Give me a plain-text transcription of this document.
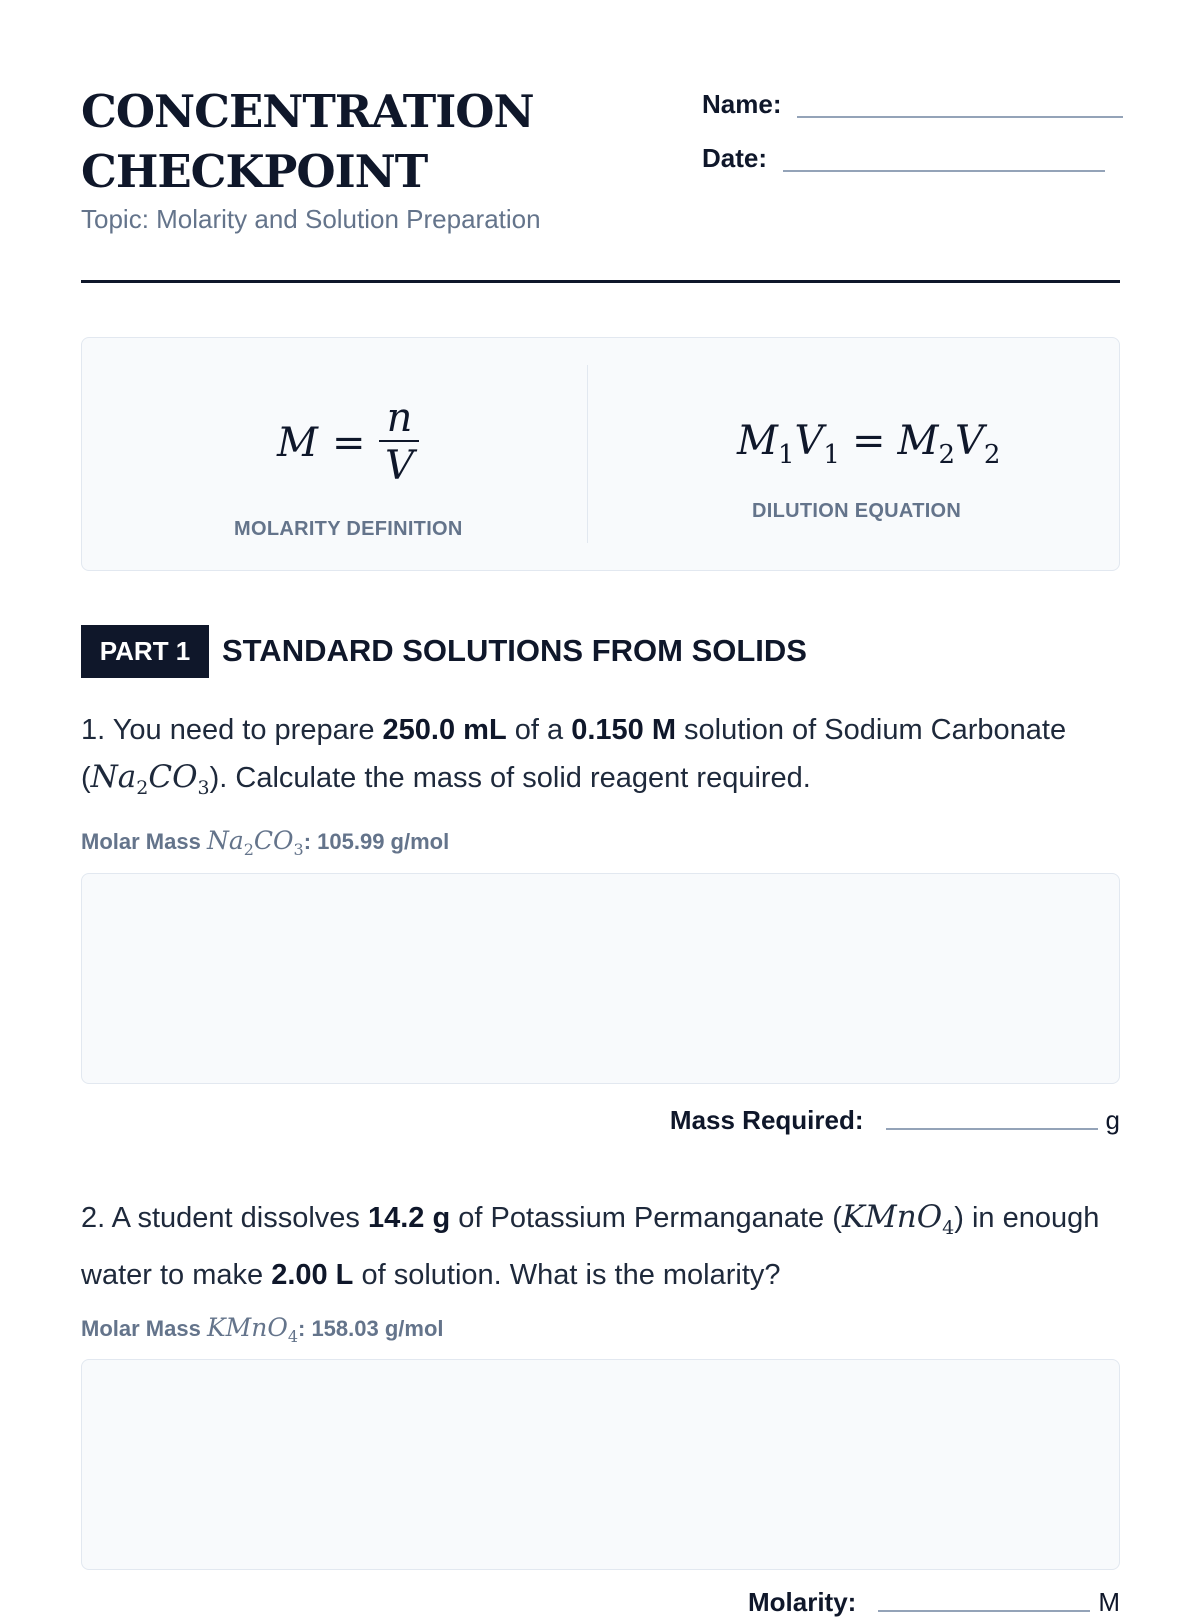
CONCENTRATION
CHECKPOINT
Topic: Molarity and Solution Preparation
Name:
Date:
$M = \frac{n}{V}$
MOLARITY DEFINITION
$M_1V_1 = M_2V_2$
DILUTION EQUATION
PART 1	STANDARD SOLUTIONS FROM SOLIDS
1. You need to prepare 250.0 mL of a 0.150 M solution of Sodium Carbonate $(Na_2CO_3)$. Calculate the mass of solid reagent required.
Molar Mass $Na_2CO_3$: 105.99 g/mol
Mass Required:	g
2. A student dissolves 14.2 g of Potassium Permanganate (KMnO$_4$) in enough water to make 2.00 L of solution. What is the molarity?
Molar Mass KMnO$_4$: 158.03 g/mol
Molarity:	M
